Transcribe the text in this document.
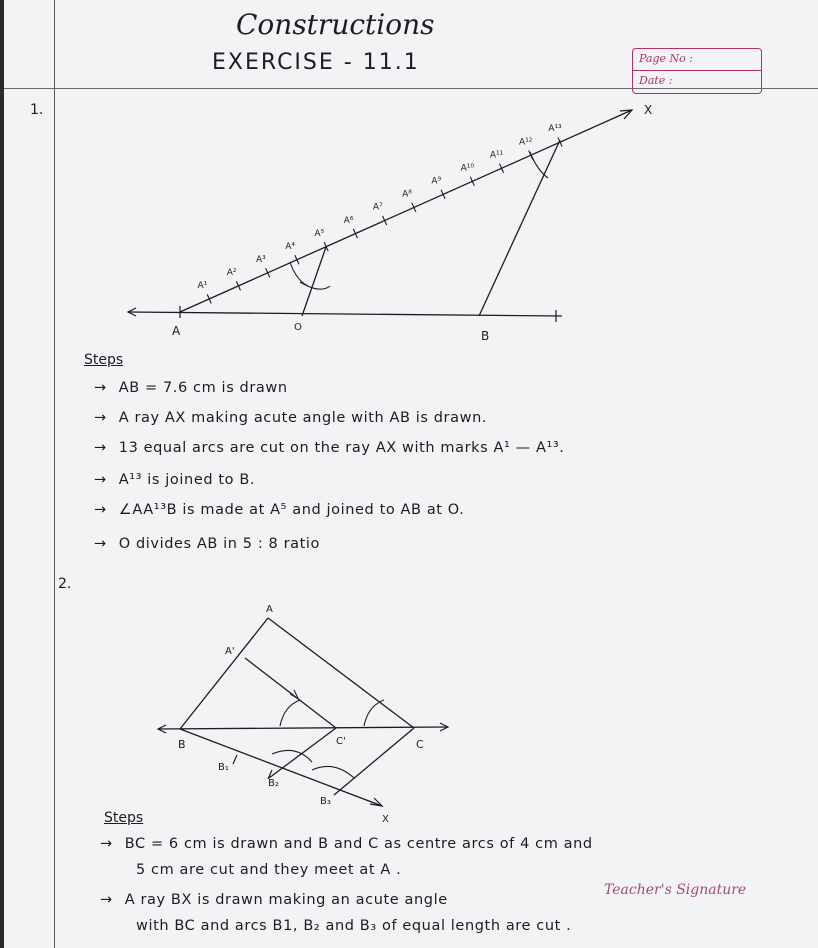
Constructions
EXERCISE - 11.1	Page No :
Date :
1.
A¹
A²
A³
A⁴
A⁵
A⁶
A⁷
A⁸
A⁹
A¹⁰
A¹¹
A¹²
A¹³
A	O
B
X
A
A'
B	C
C'
B₁
B₂
B₃
X
Steps
→ AB = 7.6 cm is drawn
→ A ray AX making acute angle with AB is drawn.
→ 13 equal arcs are cut on the ray AX with marks A¹ — A¹³.
→ A¹³ is joined to B.
→ ∠AA¹³B is made at A⁵ and joined to AB at O.
→ O divides AB in 5 : 8 ratio
2.
Steps
→ BC = 6 cm is drawn and B and C as centre arcs of 4 cm and
5 cm are cut and they meet at A .
→ A ray BX is drawn making an acute angle
with BC and arcs B1, B₂ and B₃ of equal length are cut .
Teacher's Signature
